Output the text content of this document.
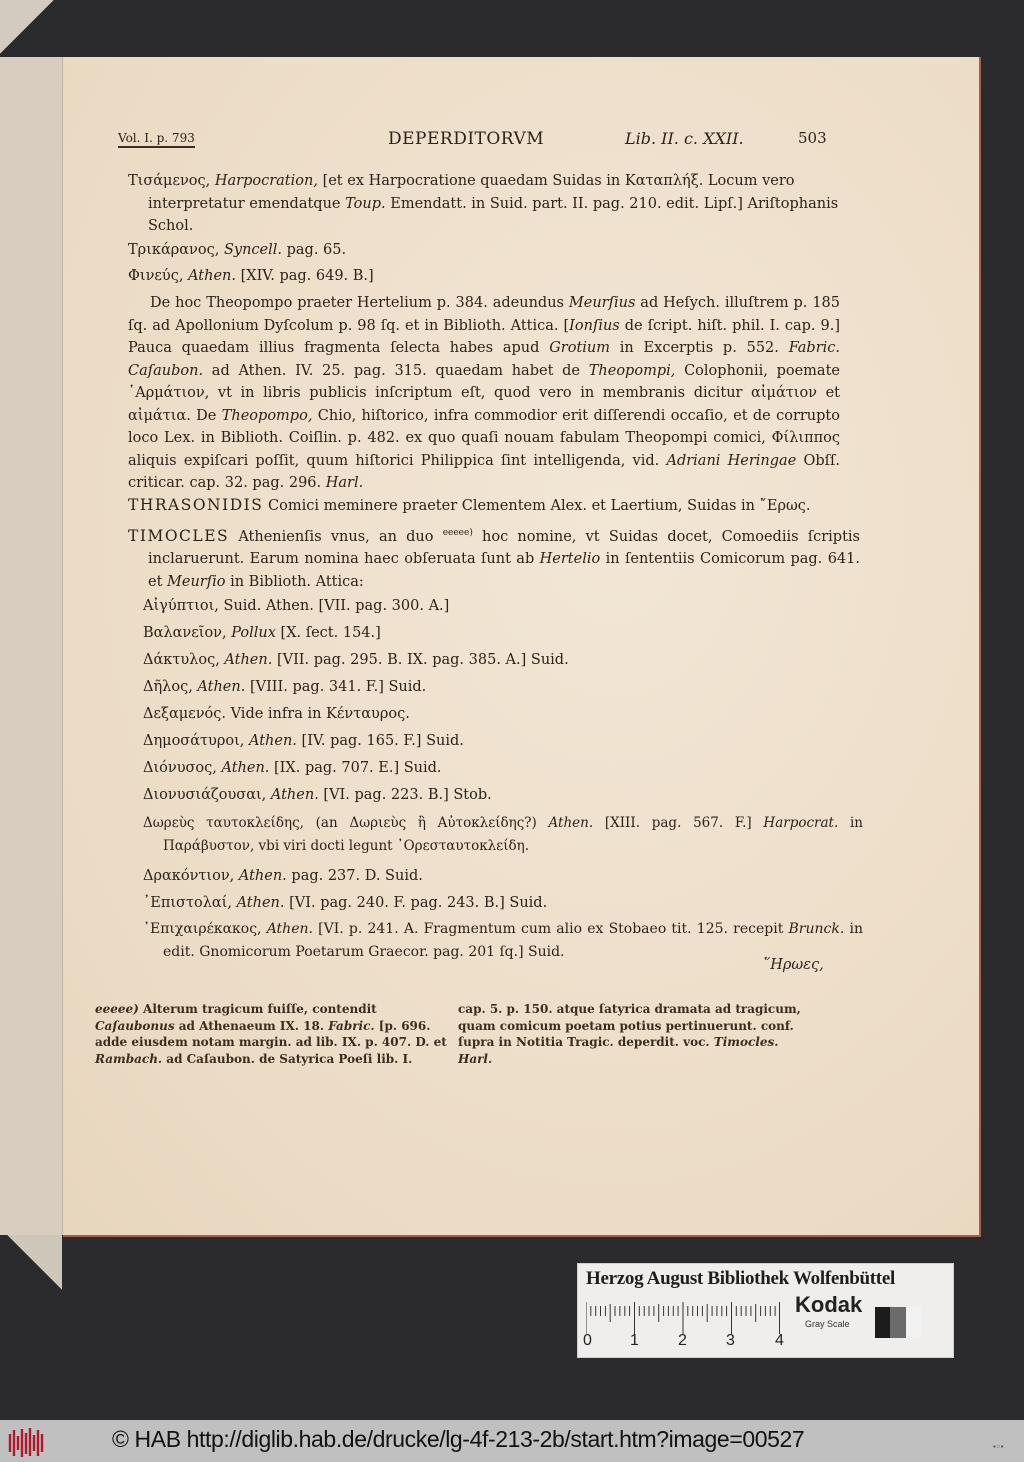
Vol. I. p. 793	DEPERDITORVM	Lib. II. c. XXII.	503
Τισάμενος, Harpocration, [et ex Harpocratione quaedam Suidas in Καταπλήξ. Locum vero interpretatur emendatque Toup. Emendatt. in Suid. part. II. pag. 210. edit. Lipſ.] Ariſtophanis Schol.
Τρικάρανος, Syncell. pag. 65.
Φινεύς, Athen. [XIV. pag. 649. B.]
De hoc Theopompo praeter Hertelium p. 384. adeundus Meurſius ad Heſych. illuſtrem p. 185 ſq. ad Apollonium Dyſcolum p. 98 ſq. et in Biblioth. Attica. [Ionſius de ſcript. hiſt. phil. I. cap. 9.] Pauca quaedam illius fragmenta ſelecta habes apud Grotium in Excerptis p. 552. Fabric. Caſaubon. ad Athen. IV. 25. pag. 315. quaedam habet de Theopompi, Colophonii, poemate ῾Αρμάτιον, vt in libris publicis inſcriptum eſt, quod vero in membranis dicitur αἰμάτιον et αἰμάτια. De Theopompo, Chio, hiſtorico, infra commodior erit diſſerendi occaſio, et de corrupto loco Lex. in Biblioth. Coiſlin. p. 482. ex quo quaſi nouam fabulam Theopompi comici, Φίλιππος aliquis expiſcari poſſit, quum hiſtorici Philippica ſint intelligenda, vid. Adriani Heringae Obſſ. criticar. cap. 32. pag. 296. Harl.
THRASONIDIS Comici meminere praeter Clementem Alex. et Laertium, Suidas in ῎Ερως.
TIMOCLES Athenienſis vnus, an duo $^{eeeee)}$ hoc nomine, vt Suidas docet, Comoediis ſcriptis inclaruerunt. Earum nomina haec obſeruata ſunt ab Hertelio in ſententiis Comicorum pag. 641. et Meurſio in Biblioth. Attica:
Αἰγύπτιοι, Suid. Athen. [VII. pag. 300. A.]
Βαλανεῖον, Pollux [X. ſect. 154.]
Δάκτυλος, Athen. [VII. pag. 295. B. IX. pag. 385. A.] Suid.
Δῆλος, Athen. [VIII. pag. 341. F.] Suid.
Δεξαμενός. Vide infra in Κένταυρος.
Δημοσάτυροι, Athen. [IV. pag. 165. F.] Suid.
Διόνυσος, Athen. [IX. pag. 707. E.] Suid.
Διονυσιάζουσαι, Athen. [VI. pag. 223. B.] Stob.
Δωρεὺς ταυτοκλείδης, (an Δωριεὺς ἢ Αὐτοκλείδης?) Athen. [XIII. pag. 567. F.] Harpocrat. in Παράβυστον, vbi viri docti legunt ᾿Ορεσταυτοκλείδη.
Δρακόντιον, Athen. pag. 237. D. Suid.
᾿Επιστολαί, Athen. [VI. pag. 240. F. pag. 243. B.] Suid.
᾿Επιχαιρέκακος, Athen. [VI. p. 241. A. Fragmentum cum alio ex Stobaeo tit. 125. recepit Brunck. in edit. Gnomicorum Poetarum Graecor. pag. 201 ſq.] Suid.
῞Ηρωες,
eeeee) Alterum tragicum fuiſſe, contendit Caſaubonus ad Athenaeum IX. 18. Fabric. [p. 696. adde eiusdem notam margin. ad lib. IX. p. 407. D. et Rambach. ad Caſaubon. de Satyrica Poeſi lib. I.
cap. 5. p. 150. atque ſatyrica dramata ad tragicum, quam comicum poetam potius pertinuerunt. conf. ſupra in Notitia Tragic. deperdit. voc. Timocles. Harl.
Herzog August Bibliothek Wolfenbüttel
0 1 2 3	4
Kodak
Gray Scale
© HAB http://diglib.hab.de/drucke/lg-4f-213-2b/start.htm?image=00527	▪▫▪
